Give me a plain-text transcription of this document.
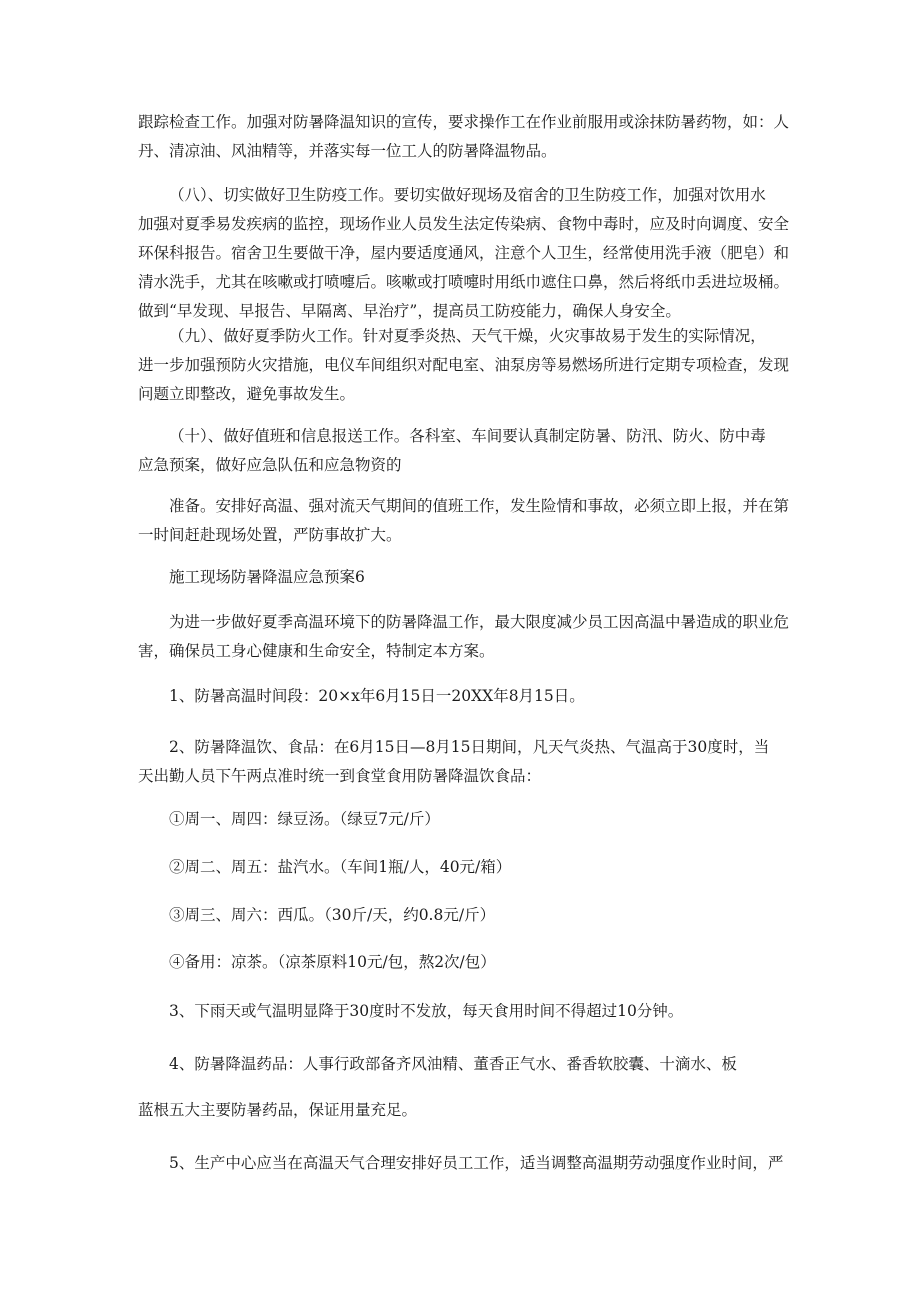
跟踪检查工作。加强对防暑降温知识的宣传，要求操作工在作业前服用或涂抹防暑药物，如：人
丹、清凉油、风油精等，并落实每一位工人的防暑降温物品。
（八）、切实做好卫生防疫工作。要切实做好现场及宿舍的卫生防疫工作，加强对饮用水
加强对夏季易发疾病的监控，现场作业人员发生法定传染病、食物中毒时，应及时向调度、安全
环保科报告。宿舍卫生要做干净，屋内要适度通风，注意个人卫生，经常使用洗手液（肥皂）和
清水洗手，尤其在咳嗽或打喷嚏后。咳嗽或打喷嚏时用纸巾遮住口鼻，然后将纸巾丢进垃圾桶。
做到“早发现、早报告、早隔离、早治疗”，提高员工防疫能力，确保人身安全。
（九）、做好夏季防火工作。针对夏季炎热、天气干燥，火灾事故易于发生的实际情况，
进一步加强预防火灾措施，电仪车间组织对配电室、油泵房等易燃场所进行定期专项检查，发现
问题立即整改，避免事故发生。
（十）、做好值班和信息报送工作。各科室、车间要认真制定防暑、防汛、防火、防中毒
应急预案，做好应急队伍和应急物资的
准备。安排好高温、强对流天气期间的值班工作，发生险情和事故，必须立即上报，并在第
一时间赶赴现场处置，严防事故扩大。
施工现场防暑降温应急预案6
为进一步做好夏季高温环境下的防暑降温工作，最大限度减少员工因高温中暑造成的职业危
害，确保员工身心健康和生命安全，特制定本方案。
1、防暑高温时间段：20×x年6月15日一20XX年8月15日。
2、防暑降温饮、食品：在6月15日—8月15日期间，凡天气炎热、气温高于30度时，当
天出勤人员下午两点准时统一到食堂食用防暑降温饮食品：
①周一、周四：绿豆汤。（绿豆7元/斤）
②周二、周五：盐汽水。（车间1瓶/人，40元/箱）
③周三、周六：西瓜。（30斤/天，约0.8元/斤）
④备用：凉茶。（凉茶原料10元/包，熬2次/包）
3、下雨天或气温明显降于30度时不发放，每天食用时间不得超过10分钟。
4、防暑降温药品：人事行政部备齐风油精、董香正气水、番香软胶囊、十滴水、板
蓝根五大主要防暑药品，保证用量充足。
5、生产中心应当在高温天气合理安排好员工工作，适当调整高温期劳动强度作业时间，严
